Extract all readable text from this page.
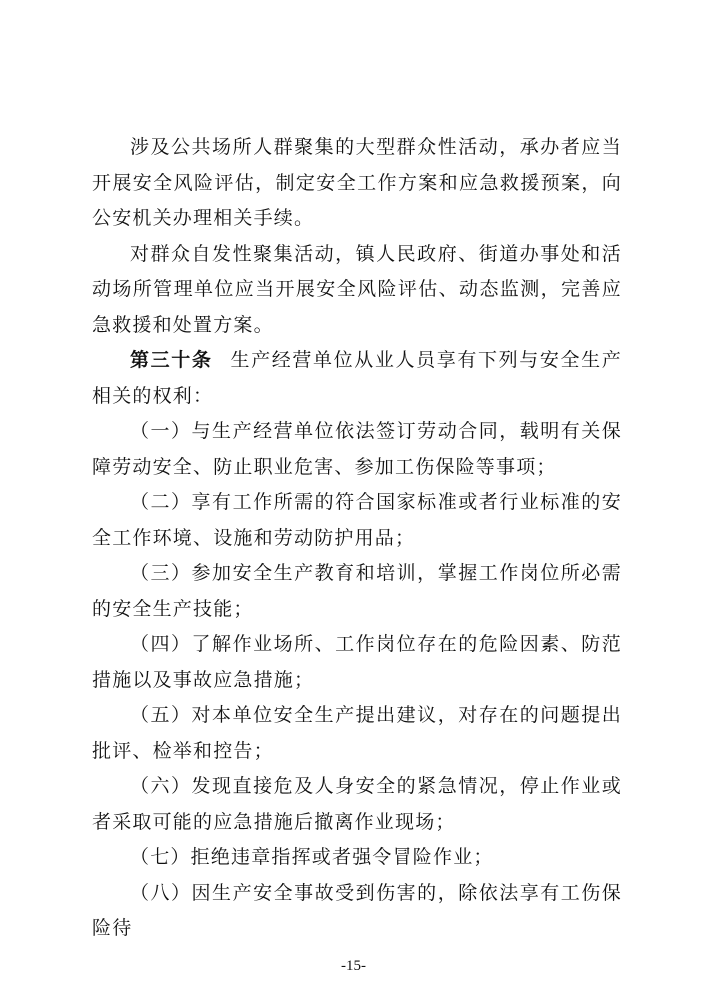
涉及公共场所人群聚集的大型群众性活动，承办者应当开展安全风险评估，制定安全工作方案和应急救援预案，向公安机关办理相关手续。

对群众自发性聚集活动，镇人民政府、街道办事处和活动场所管理单位应当开展安全风险评估、动态监测，完善应急救援和处置方案。

第三十条 生产经营单位从业人员享有下列与安全生产相关的权利：

（一）与生产经营单位依法签订劳动合同，载明有关保障劳动安全、防止职业危害、参加工伤保险等事项；

（二）享有工作所需的符合国家标准或者行业标准的安全工作环境、设施和劳动防护用品；

（三）参加安全生产教育和培训，掌握工作岗位所必需的安全生产技能；

（四）了解作业场所、工作岗位存在的危险因素、防范措施以及事故应急措施；

（五）对本单位安全生产提出建议，对存在的问题提出批评、检举和控告；

（六）发现直接危及人身安全的紧急情况，停止作业或者采取可能的应急措施后撤离作业现场；

（七）拒绝违章指挥或者强令冒险作业；

（八）因生产安全事故受到伤害的，除依法享有工伤保险待

-15-
